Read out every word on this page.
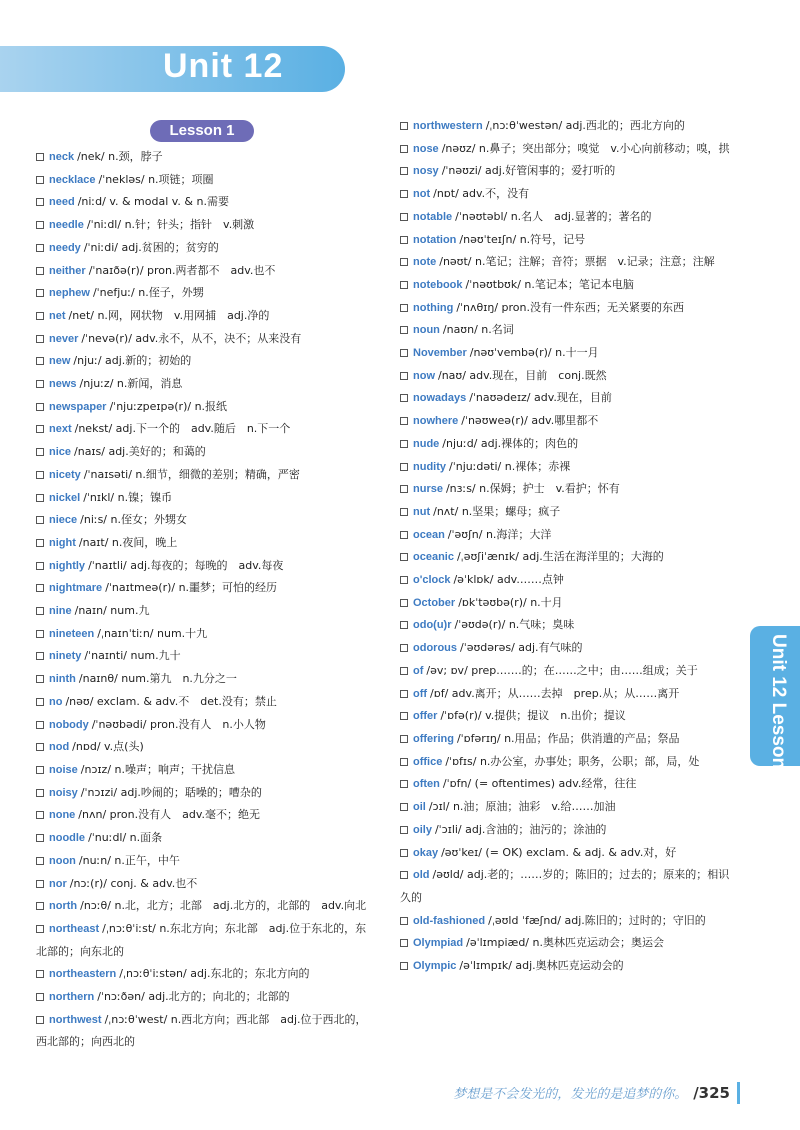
Unit 12
Lesson 1
neck /nek/ n.颈，脖子
necklace /ˈnekləs/ n.项链；项圈
need /niːd/ v. & modal v. & n.需要
needle /ˈniːdl/ n.针；针头；指针　v.刺激
needy /ˈniːdi/ adj.贫困的；贫穷的
neither /ˈnaɪðə(r)/ pron.两者都不　adv.也不
nephew /ˈnefjuː/ n.侄子，外甥
net /net/ n.网，网状物　v.用网捕　adj.净的
never /ˈnevə(r)/ adv.永不，从不，决不；从来没有
new /njuː/ adj.新的；初始的
news /njuːz/ n.新闻，消息
newspaper /ˈnjuːzpeɪpə(r)/ n.报纸
next /nekst/ adj.下一个的　adv.随后　n.下一个
nice /naɪs/ adj.美好的；和蔼的
nicety /ˈnaɪsəti/ n.细节，细微的差别；精确，严密
nickel /ˈnɪkl/ n.镍；镍币
niece /niːs/ n.侄女；外甥女
night /naɪt/ n.夜间，晚上
nightly /ˈnaɪtli/ adj.每夜的；每晚的　adv.每夜
nightmare /ˈnaɪtmeə(r)/ n.噩梦；可怕的经历
nine /naɪn/ num.九
nineteen /ˌnaɪnˈtiːn/ num.十九
ninety /ˈnaɪnti/ num.九十
ninth /naɪnθ/ num.第九　n.九分之一
no /nəʊ/ exclam. & adv.不　det.没有；禁止
nobody /ˈnəʊbədi/ pron.没有人　n.小人物
nod /nɒd/ v.点(头)
noise /nɔɪz/ n.噪声；响声；干扰信息
noisy /ˈnɔɪzi/ adj.吵闹的；聒噪的；嘈杂的
none /nʌn/ pron.没有人　adv.毫不；绝无
noodle /ˈnuːdl/ n.面条
noon /nuːn/ n.正午，中午
nor /nɔː(r)/ conj. & adv.也不
north /nɔːθ/ n.北，北方；北部　adj.北方的，北部的　adv.向北
northeast /ˌnɔːθˈiːst/ n.东北方向；东北部　adj.位于东北的，东北部的；向东北的
northeastern /ˌnɔːθˈiːstən/ adj.东北的；东北方向的
northern /ˈnɔːðən/ adj.北方的；向北的；北部的
northwest /ˌnɔːθˈwest/ n.西北方向；西北部　adj.位于西北的，西北部的；向西北的
northwestern /ˌnɔːθˈwestən/ adj.西北的；西北方向的
nose /nəʊz/ n.鼻子；突出部分；嗅觉　v.小心向前移动；嗅，拱
nosy /ˈnəʊzi/ adj.好管闲事的；爱打听的
not /nɒt/ adv.不，没有
notable /ˈnəʊtəbl/ n.名人　adj.显著的；著名的
notation /nəʊˈteɪʃn/ n.符号，记号
note /nəʊt/ n.笔记；注解；音符；票据　v.记录；注意；注解
notebook /ˈnəʊtbʊk/ n.笔记本；笔记本电脑
nothing /ˈnʌθɪŋ/ pron.没有一件东西；无关紧要的东西
noun /naʊn/ n.名词
November /nəʊˈvembə(r)/ n.十一月
now /naʊ/ adv.现在，目前　conj.既然
nowadays /ˈnaʊədeɪz/ adv.现在，目前
nowhere /ˈnəʊweə(r)/ adv.哪里都不
nude /njuːd/ adj.裸体的；肉色的
nudity /ˈnjuːdəti/ n.裸体；赤裸
nurse /nɜːs/ n.保姆；护士　v.看护；怀有
nut /nʌt/ n.坚果；螺母；疯子
ocean /ˈəʊʃn/ n.海洋；大洋
oceanic /ˌəʊʃiˈænɪk/ adj.生活在海洋里的；大海的
o'clock /əˈklɒk/ adv.……点钟
October /ɒkˈtəʊbə(r)/ n.十月
odo(u)r /ˈəʊdə(r)/ n.气味；臭味
odorous /ˈəʊdərəs/ adj.有气味的
of /əv; ɒv/ prep.……的；在……之中；由……组成；关于
off /ɒf/ adv.离开；从……去掉　prep.从；从……离开
offer /ˈɒfə(r)/ v.提供；提议　n.出价；提议
offering /ˈɒfərɪŋ/ n.用品；作品；供消遣的产品；祭品
office /ˈɒfɪs/ n.办公室，办事处；职务，公职；部，局，处
often /ˈɒfn/ (= oftentimes) adv.经常，往往
oil /ɔɪl/ n.油；原油；油彩　v.给……加油
oily /ˈɔɪli/ adj.含油的；油污的；涂油的
okay /əʊˈkeɪ/ (= OK) exclam. & adj. & adv.对，好
old /əʊld/ adj.老的；……岁的；陈旧的；过去的；原来的；相识久的
old-fashioned /ˌəʊld ˈfæʃnd/ adj.陈旧的；过时的；守旧的
Olympiad /əˈlɪmpiæd/ n.奥林匹克运动会；奥运会
Olympic /əˈlɪmpɪk/ adj.奥林匹克运动会的
Unit 12 Lesson 1
梦想是不会发光的，发光的是追梦的你。 /325
